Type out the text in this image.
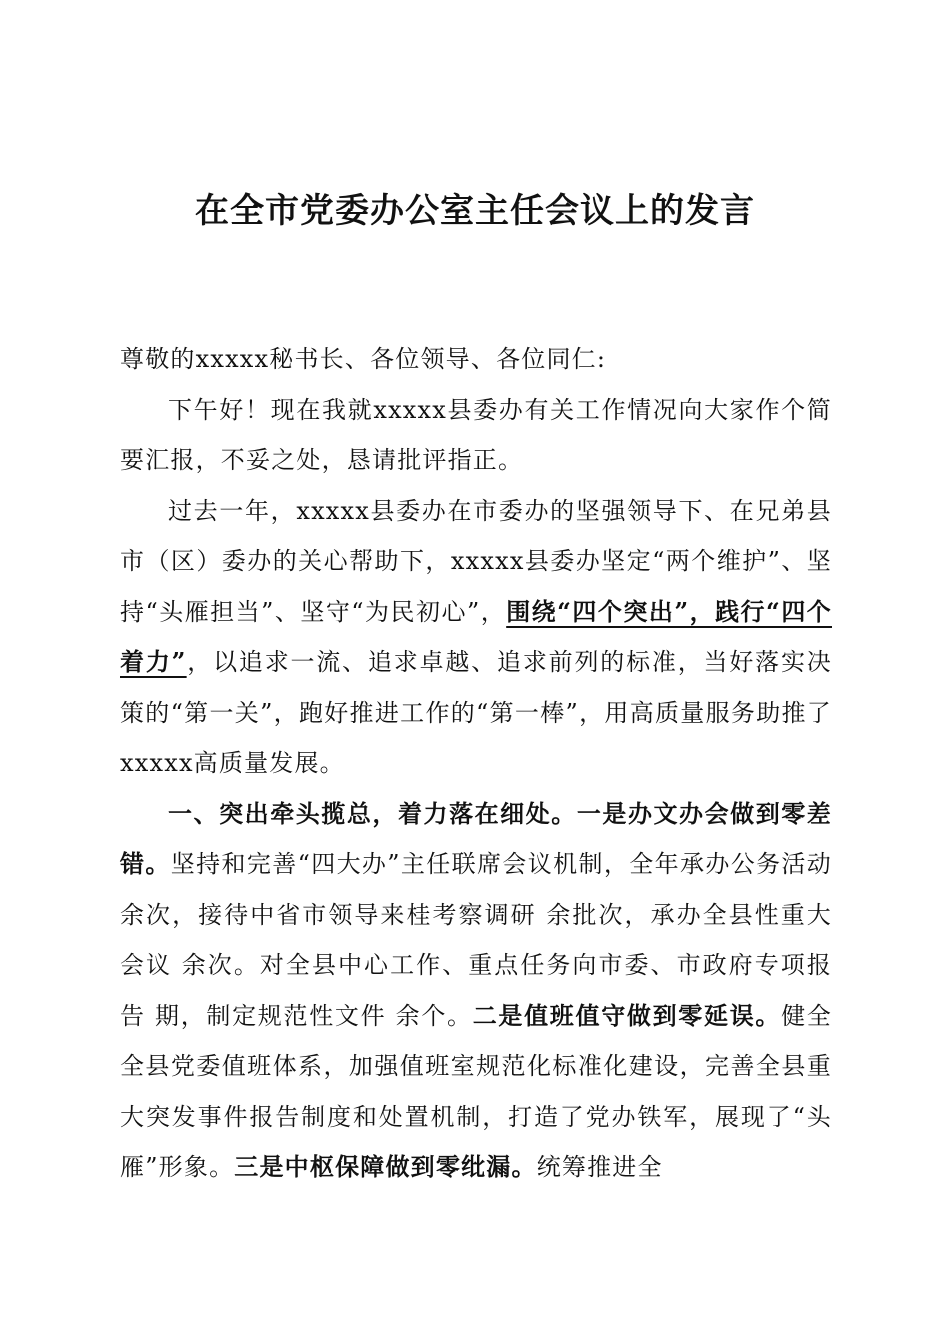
在全市党委办公室主任会议上的发言

尊敬的xxxxx秘书长、各位领导、各位同仁:

下午好！现在我就xxxxx县委办有关工作情况向大家作个简要汇报，不妥之处，恳请批评指正。

过去一年，xxxxx县委办在市委办的坚强领导下、在兄弟县市（区）委办的关心帮助下，xxxxx县委办坚定“两个维护”、坚持“头雁担当”、坚守“为民初心”，围绕“四个突出”，践行“四个着力”，以追求一流、追求卓越、追求前列的标准，当好落实决策的“第一关”，跑好推进工作的“第一棒”，用高质量服务助推了xxxxx高质量发展。

一、突出牵头揽总，着力落在细处。一是办文办会做到零差错。坚持和完善“四大办”主任联席会议机制，全年承办公务活动 余次，接待中省市领导来桂考察调研 余批次，承办全县性重大会议 余次。对全县中心工作、重点任务向市委、市政府专项报告 期，制定规范性文件 余个。二是值班值守做到零延误。健全全县党委值班体系，加强值班室规范化标准化建设，完善全县重大突发事件报告制度和处置机制，打造了党办铁军，展现了“头雁”形象。三是中枢保障做到零纰漏。统筹推进全
